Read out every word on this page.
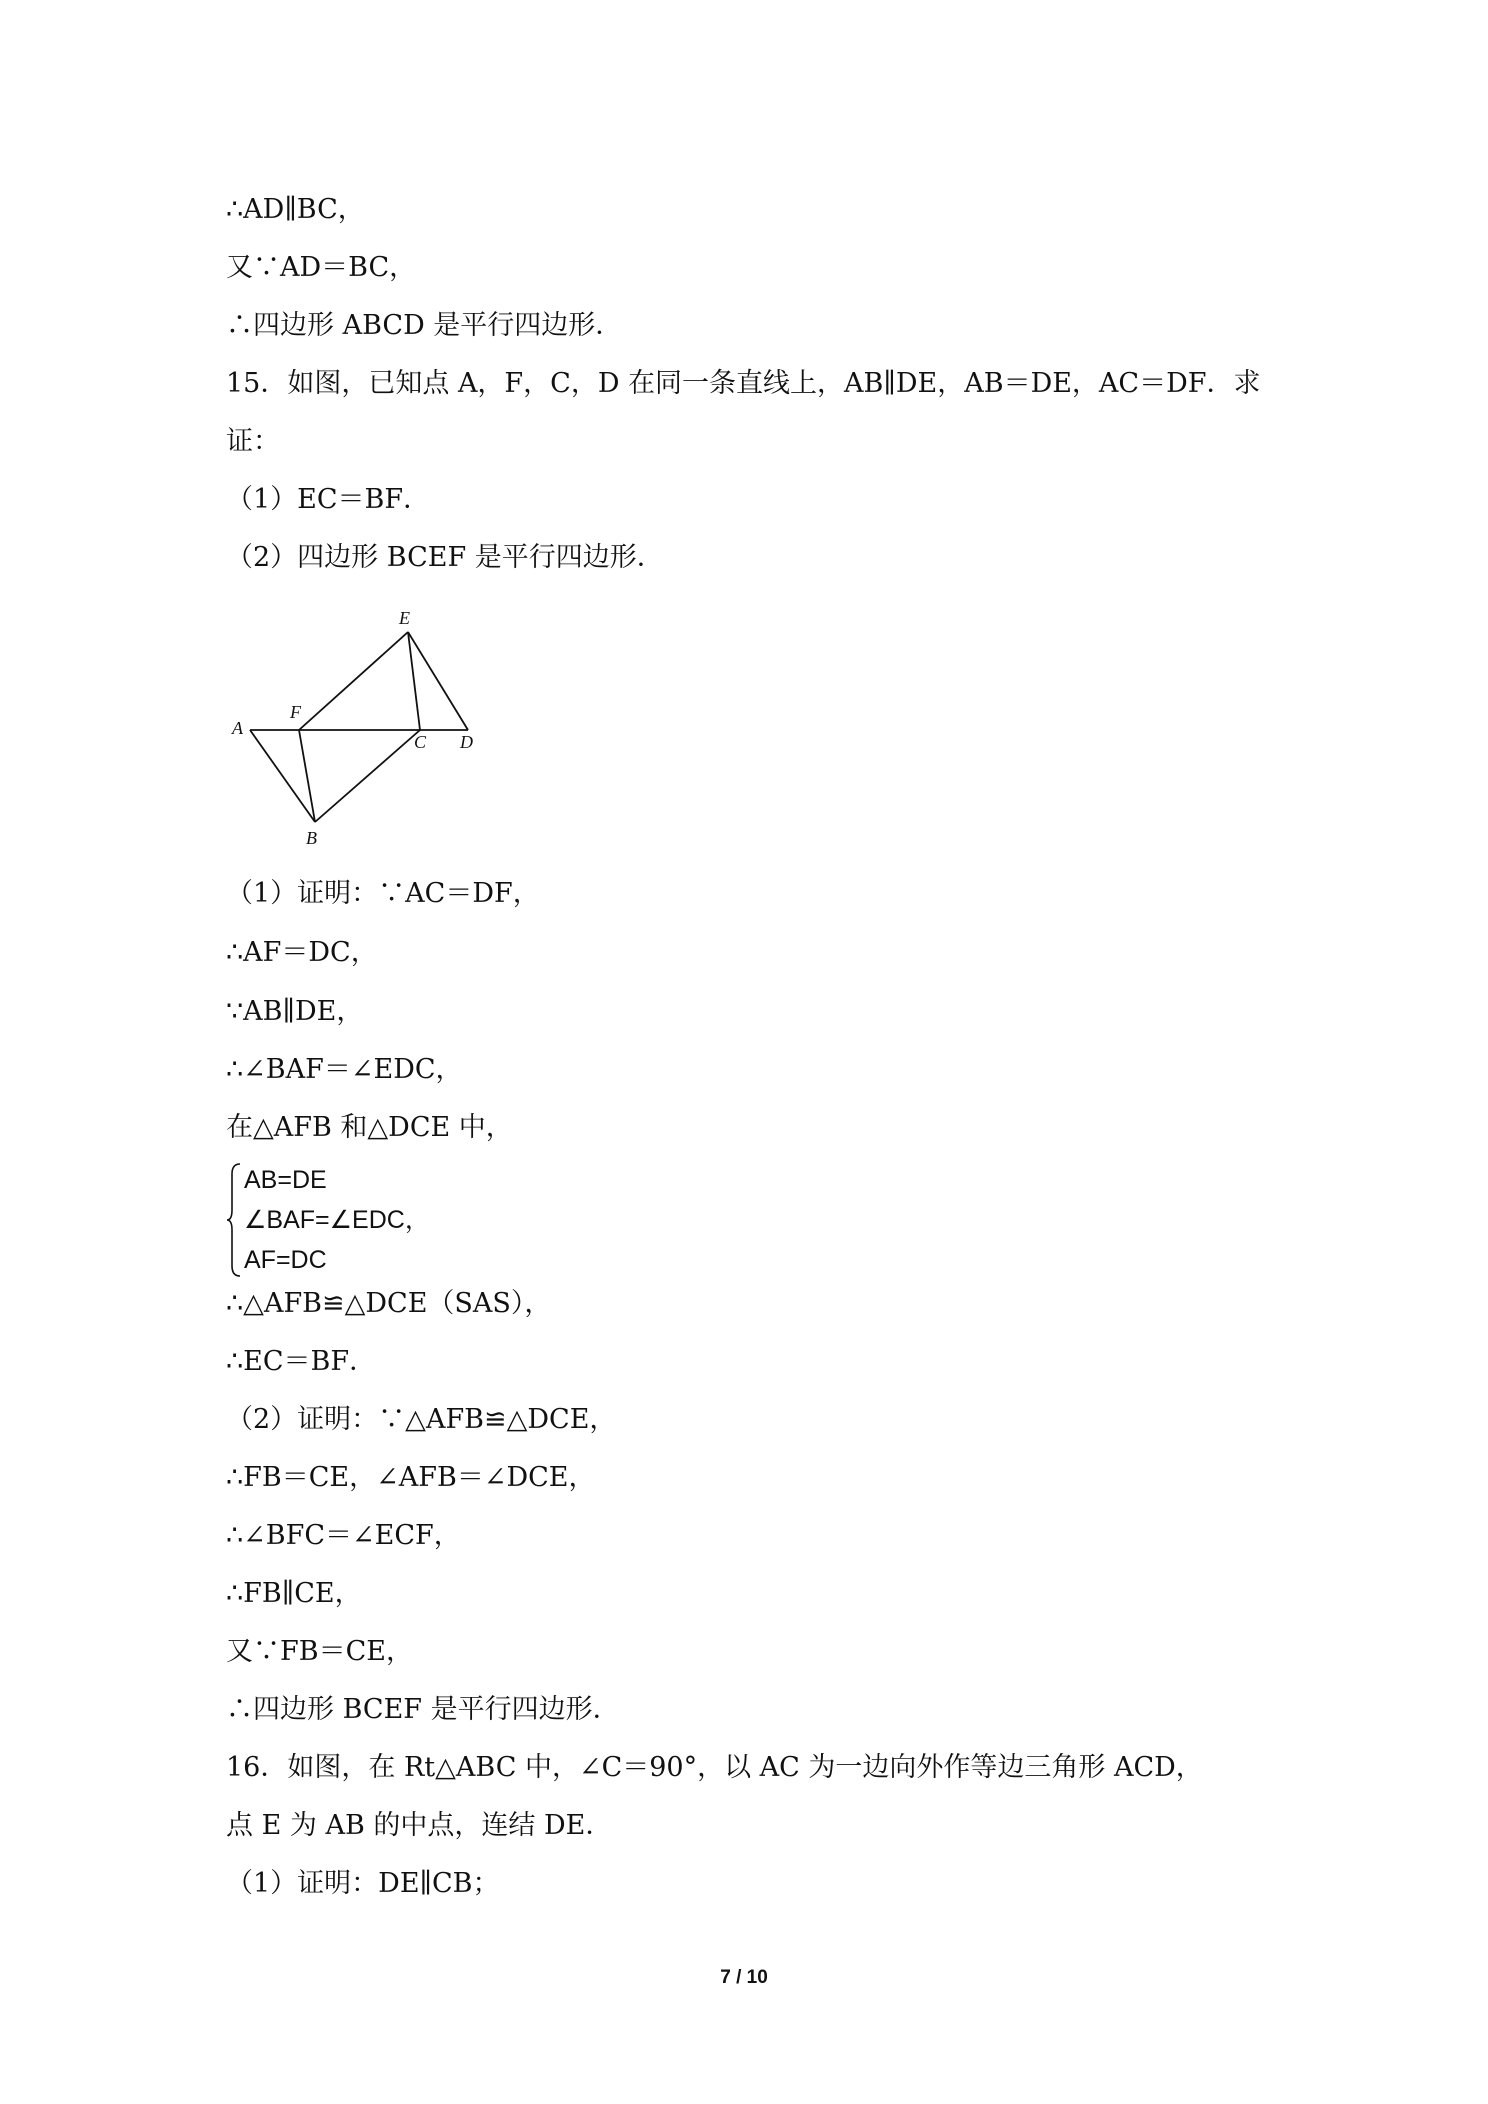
∴AD∥BC，
又∵AD＝BC，
∴四边形 ABCD 是平行四边形．
15．如图，已知点 A，F，C，D 在同一条直线上，AB∥DE，AB＝DE，AC＝DF．求
证：
（1）EC＝BF．
（2）四边形 BCEF 是平行四边形．
A
F
C D
E
B
（1）证明：∵AC＝DF，
∴AF＝DC，
∵AB∥DE，
∴∠BAF＝∠EDC，
在△AFB 和△DCE 中，
AB=DE
∠BAF=∠EDC，
AF=DC
∴△AFB≌△DCE（SAS），
∴EC＝BF．
（2）证明：∵△AFB≌△DCE，
∴FB＝CE，∠AFB＝∠DCE，
∴∠BFC＝∠ECF，
∴FB∥CE，
又∵FB＝CE，
∴四边形 BCEF 是平行四边形．
16．如图，在 Rt△ABC 中，∠C＝90°，以 AC 为一边向外作等边三角形 ACD，
点 E 为 AB 的中点，连结 DE．
（1）证明：DE∥CB；
7 / 10
